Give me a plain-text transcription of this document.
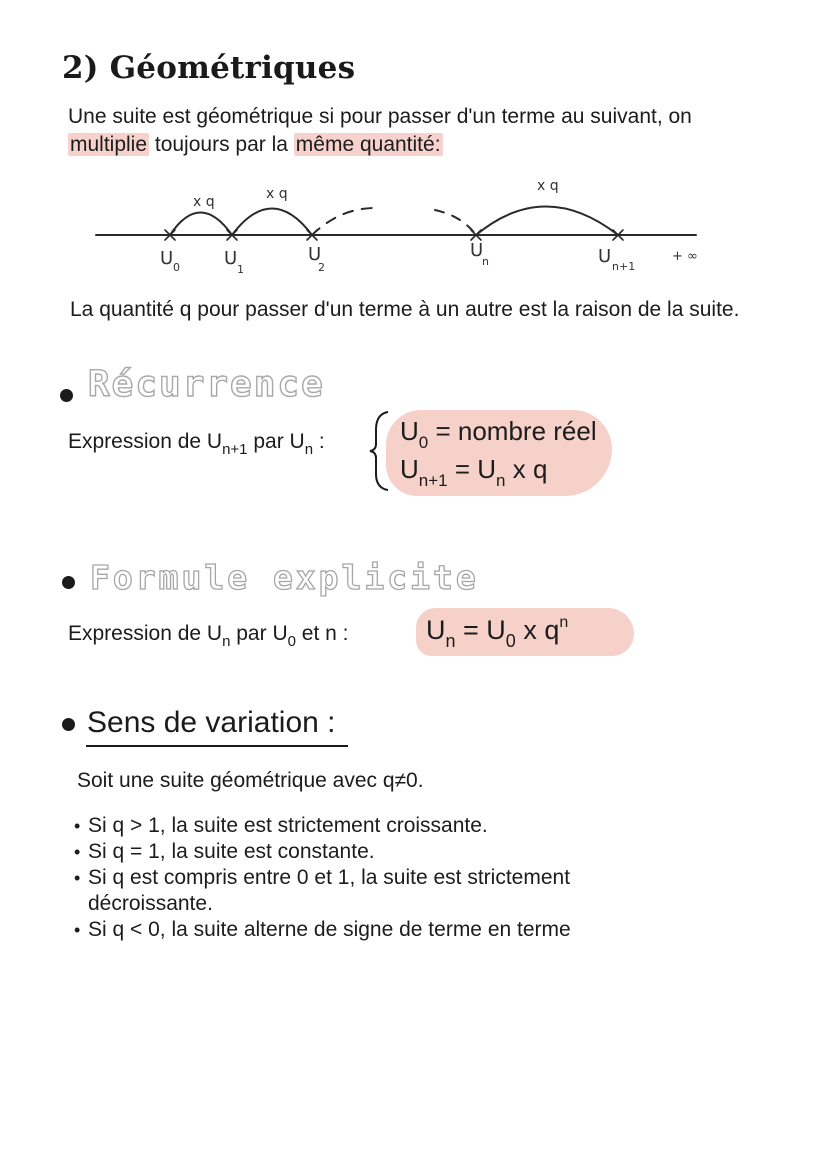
2) Géométriques
Une suite est géométrique si pour passer d'un terme au suivant, on
multiplie toujours par la même quantité:
x q	x q	x q
U 0 U
1
U
2
U
n	U n+1
+ ∞
La quantité q pour passer d'un terme à un autre est la raison de la suite.
Récurrence
Expression de $U_{n+1}$ par $U_n$ :	$U_0$ = nombre réel
$U_{n+1} = U_n$ x q
Formule explicite
Expression de $U_n$ par $U_0$ et n :	$U_n = U_0$ x $q^n$
Sens de variation :
Soit une suite géométrique avec q≠0.
• Si q > 1, la suite est strictement croissante.
• Si q = 1, la suite est constante.
• Si q est compris entre 0 et 1, la suite est strictement décroissante.
• Si q < 0, la suite alterne de signe de terme en terme
